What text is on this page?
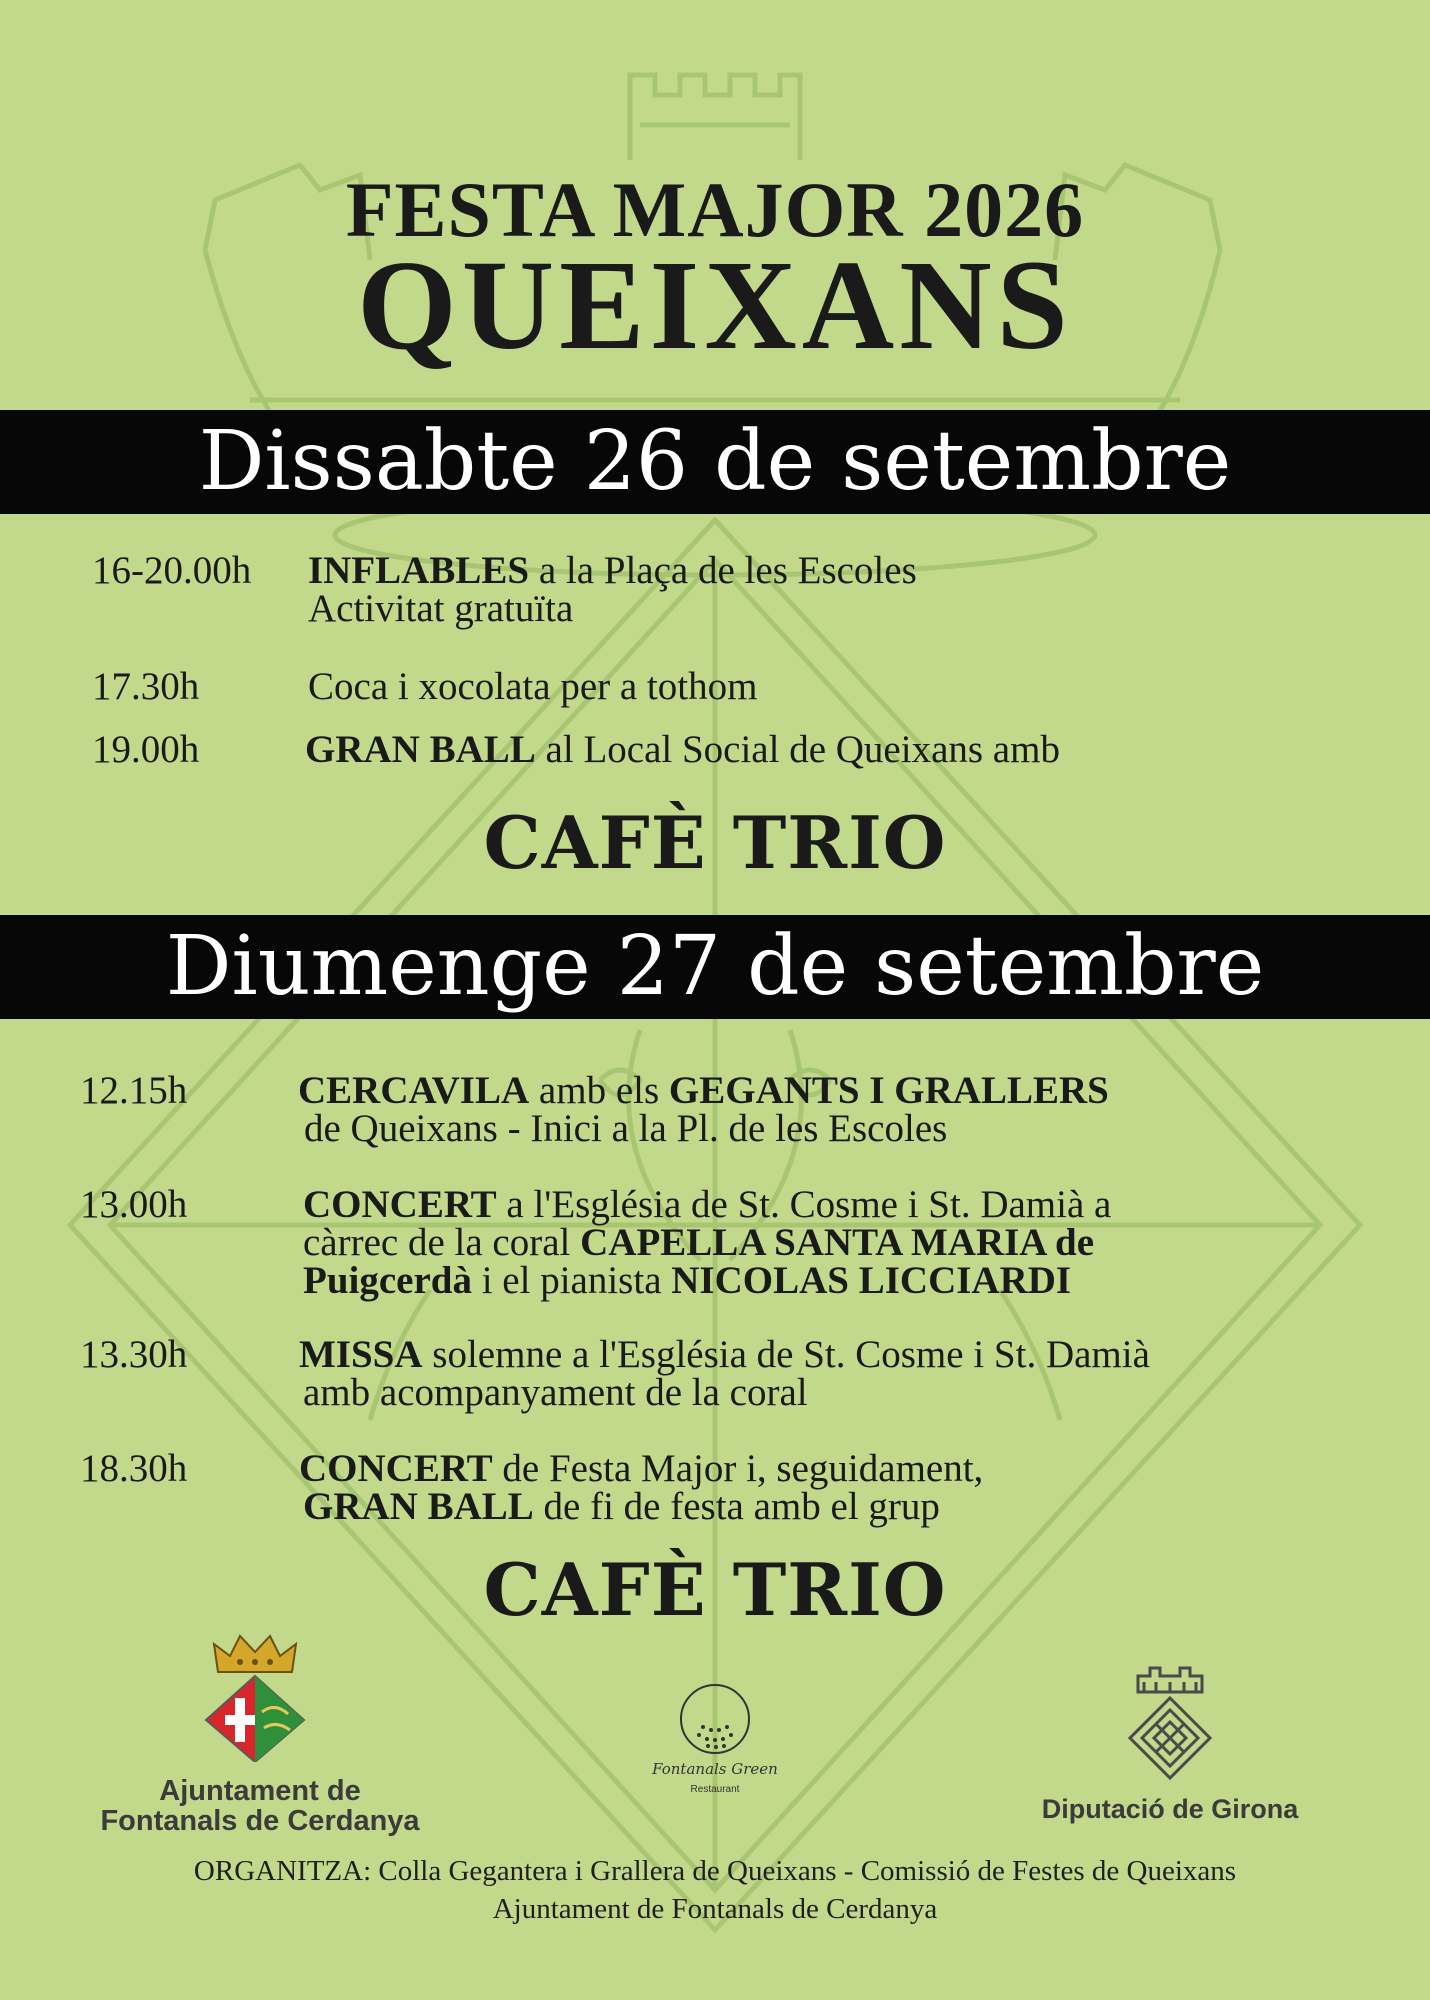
FESTA MAJOR 2026
QUEIXANS
Dissabte 26 de setembre
16-20.00h INFLABLES a la Plaça de les Escoles
Activitat gratuïta
17.30h	Coca i xocolata per a tothom
19.00h	GRAN BALL al Local Social de Queixans amb
CAFÈ TRIO
Diumenge 27 de setembre
12.15h	CERCAVILA amb els GEGANTS I GRALLERS
de Queixans - Inici a la Pl. de les Escoles
13.00h	CONCERT a l'Església de St. Cosme i St. Damià a
càrrec de la coral CAPELLA SANTA MARIA de
Puigcerdà i el pianista NICOLAS LICCIARDI
13.30h	MISSA solemne a l'Església de St. Cosme i St. Damià
amb acompanyament de la coral
18.30h	CONCERT de Festa Major i, seguidament,
GRAN BALL de fi de festa amb el grup
CAFÈ TRIO
Ajuntament de
Fontanals de Cerdanya
Fontanals Green
Restaurant
Diputació de Girona
ORGANITZA: Colla Gegantera i Grallera de Queixans - Comissió de Festes de Queixans
Ajuntament de Fontanals de Cerdanya
